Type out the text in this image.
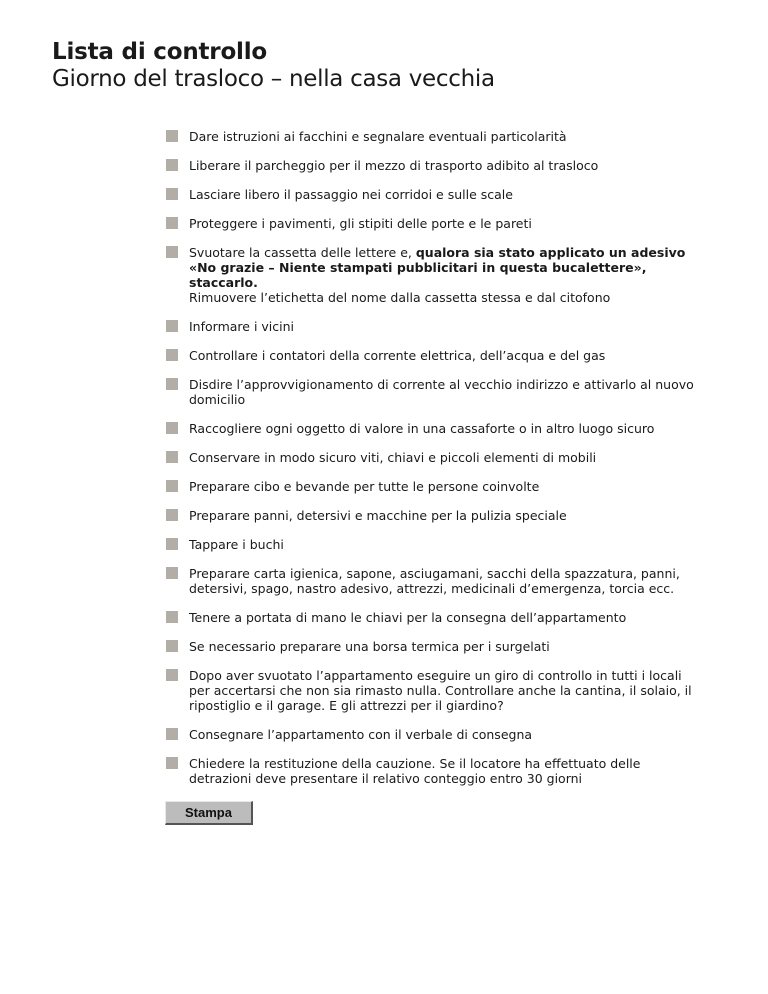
Lista di controllo
Giorno del trasloco – nella casa vecchia
Dare istruzioni ai facchini e segnalare eventuali particolarità
Liberare il parcheggio per il mezzo di trasporto adibito al trasloco
Lasciare libero il passaggio nei corridoi e sulle scale
Proteggere i pavimenti, gli stipiti delle porte e le pareti
Svuotare la cassetta delle lettere e, qualora sia stato applicato un adesivo «No grazie – Niente stampati pubblicitari in questa bucalettere», staccarlo.
Rimuovere l’etichetta del nome dalla cassetta stessa e dal citofono
Informare i vicini
Controllare i contatori della corrente elettrica, dell’acqua e del gas
Disdire l’approvvigionamento di corrente al vecchio indirizzo e attivarlo al nuovo domicilio
Raccogliere ogni oggetto di valore in una cassaforte o in altro luogo sicuro
Conservare in modo sicuro viti, chiavi e piccoli elementi di mobili
Preparare cibo e bevande per tutte le persone coinvolte
Preparare panni, detersivi e macchine per la pulizia speciale
Tappare i buchi
Preparare carta igienica, sapone, asciugamani, sacchi della spazzatura, panni, detersivi, spago, nastro adesivo, attrezzi, medicinali d’emergenza, torcia ecc.
Tenere a portata di mano le chiavi per la consegna dell’appartamento
Se necessario preparare una borsa termica per i surgelati
Dopo aver svuotato l’appartamento eseguire un giro di controllo in tutti i locali per accertarsi che non sia rimasto nulla. Controllare anche la cantina, il solaio, il ripostiglio e il garage. E gli attrezzi per il giardino?
Consegnare l’appartamento con il verbale di consegna
Chiedere la restituzione della cauzione. Se il locatore ha effettuato delle detrazioni deve presentare il relativo conteggio entro 30 giorni
Stampa
